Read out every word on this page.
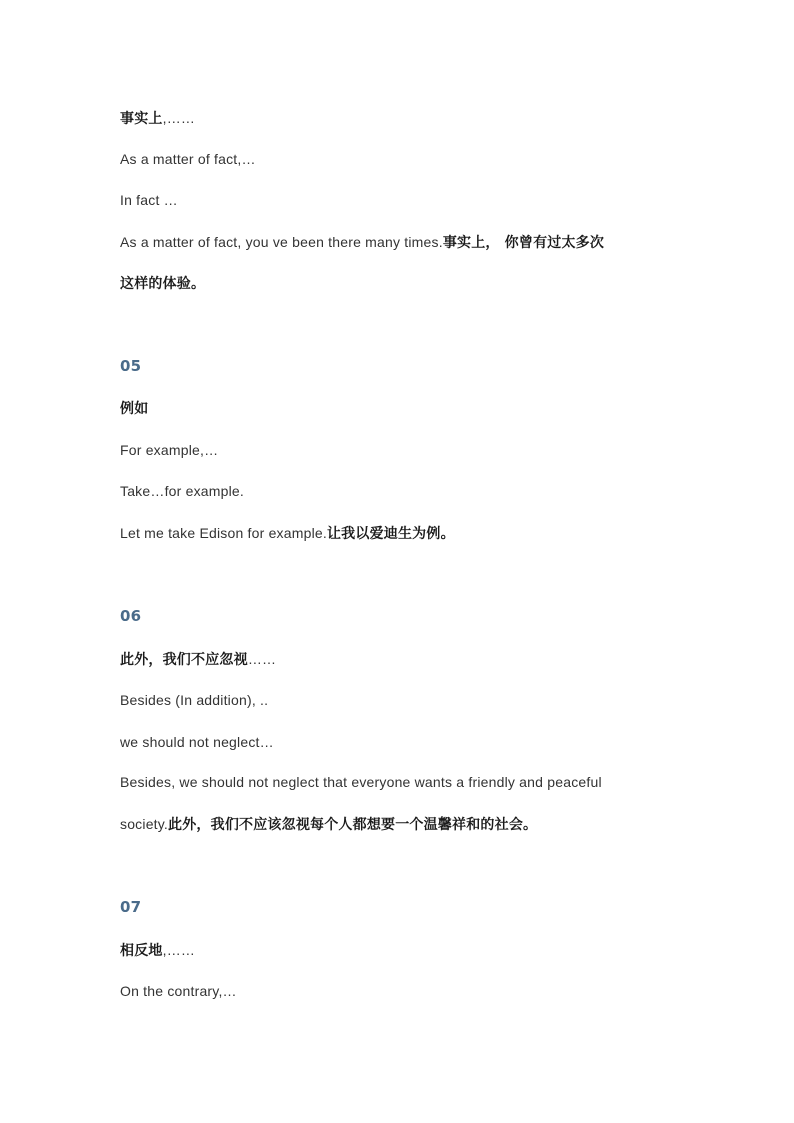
事实上,……
As a matter of fact,…
In fact …
As a matter of fact, you ve been there many times.事实上， 你曾有过太多次
这样的体验。
05
例如
For example,…
Take…for example.
Let me take Edison for example.让我以爱迪生为例。
06
此外，我们不应忽视……
Besides (In addition), ..
we should not neglect…
Besides, we should not neglect that everyone wants a friendly and peaceful
society.此外，我们不应该忽视每个人都想要一个温馨祥和的社会。
07
相反地,……
On the contrary,…
